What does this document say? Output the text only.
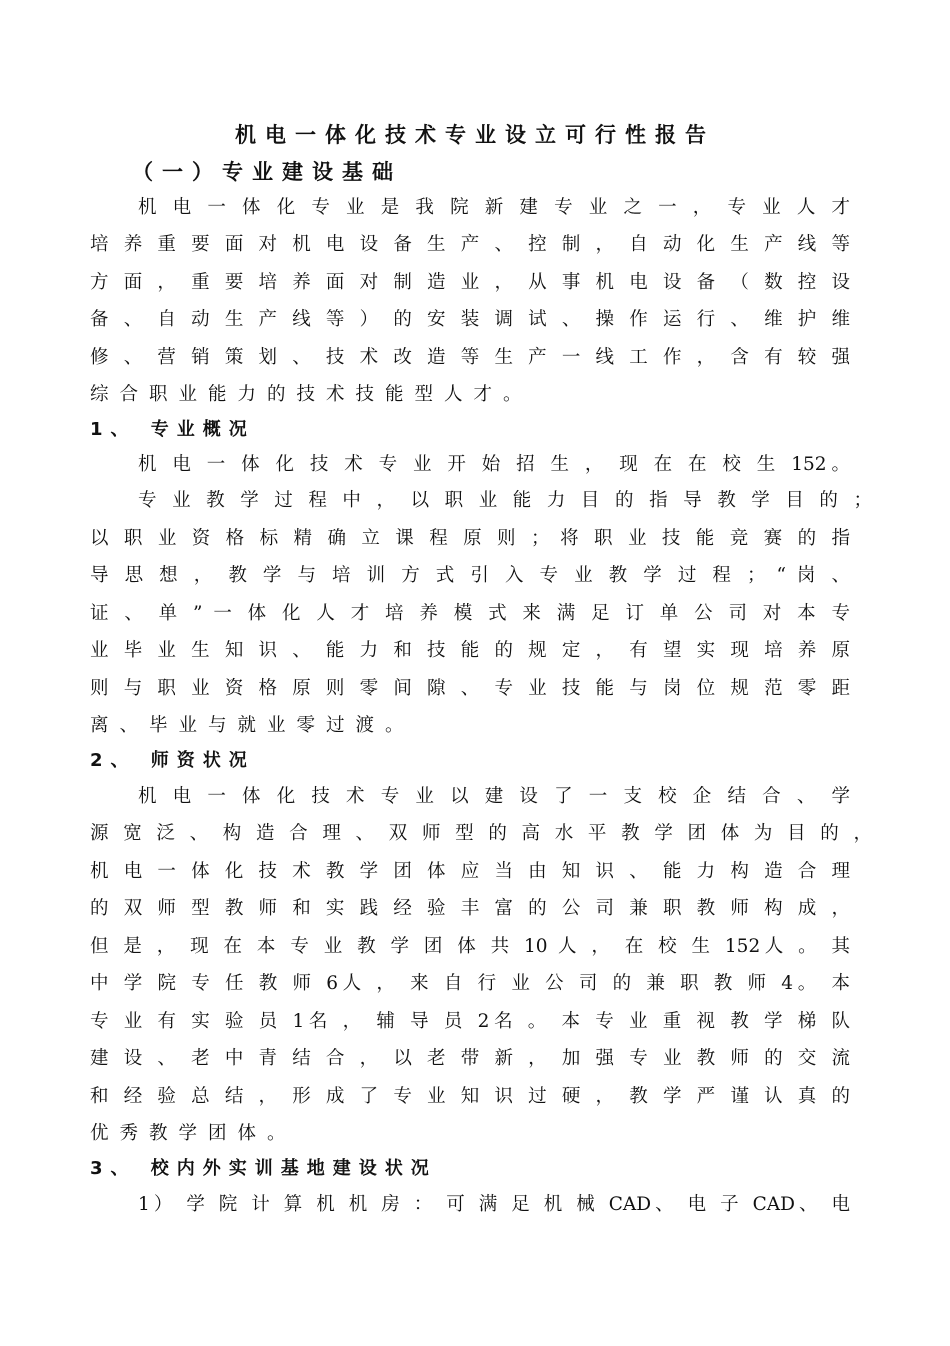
机电一体化技术专业设立可行性报告
（一）专业建设基础
机 电 一 体 化 专 业 是 我 院 新 建 专 业 之 一 ， 专 业 人 才
培 养 重 要 面 对 机 电 设 备 生 产 、 控 制 ， 自 动 化 生 产 线 等
方 面 ， 重 要 培 养 面 对 制 造 业 ， 从 事 机 电 设 备 （ 数 控 设
备 、 自 动 生 产 线 等 ） 的 安 装 调 试 、 操 作 运 行 、 维 护 维
修 、 营 销 策 划 、 技 术 改 造 等 生 产 一 线 工 作 ， 含 有 较 强
综合职业能力的技术技能型人才。
1、 专业概况
机 电 一 体 化 技 术 专 业 开 始 招 生 ， 现 在 在 校 生 152。
专 业 教 学 过 程 中 ， 以 职 业 能 力 目 的 指 导 教 学 目 的 ；
以 职 业 资 格 标 精 确 立 课 程 原 则 ； 将 职 业 技 能 竞 赛 的 指
导 思 想 ， 教 学 与 培 训 方 式 引 入 专 业 教 学 过 程 ； “ 岗 、
证 、 单 ” 一 体 化 人 才 培 养 模 式 来 满 足 订 单 公 司 对 本 专
业 毕 业 生 知 识 、 能 力 和 技 能 的 规 定 ， 有 望 实 现 培 养 原
则 与 职 业 资 格 原 则 零 间 隙 、 专 业 技 能 与 岗 位 规 范 零 距
离、毕业与就业零过渡。
2、 师资状况
机 电 一 体 化 技 术 专 业 以 建 设 了 一 支 校 企 结 合 、 学
源 宽 泛 、 构 造 合 理 、 双 师 型 的 高 水 平 教 学 团 体 为 目 的 ，
机 电 一 体 化 技 术 教 学 团 体 应 当 由 知 识 、 能 力 构 造 合 理
的 双 师 型 教 师 和 实 践 经 验 丰 富 的 公 司 兼 职 教 师 构 成 ，
但 是 ， 现 在 本 专 业 教 学 团 体 共 10 人 ， 在 校 生 152人 。 其
中 学 院 专 任 教 师 6人 ， 来 自 行 业 公 司 的 兼 职 教 师 4。 本
专 业 有 实 验 员 1名 ， 辅 导 员 2名 。 本 专 业 重 视 教 学 梯 队
建 设 、 老 中 青 结 合 ， 以 老 带 新 ， 加 强 专 业 教 师 的 交 流
和 经 验 总 结 ， 形 成 了 专 业 知 识 过 硬 ， 教 学 严 谨 认 真 的
优秀教学团体。
3、 校内外实训基地建设状况
1） 学 院 计 算 机 机 房 ： 可 满 足 机 械 CAD、 电 子 CAD、 电
